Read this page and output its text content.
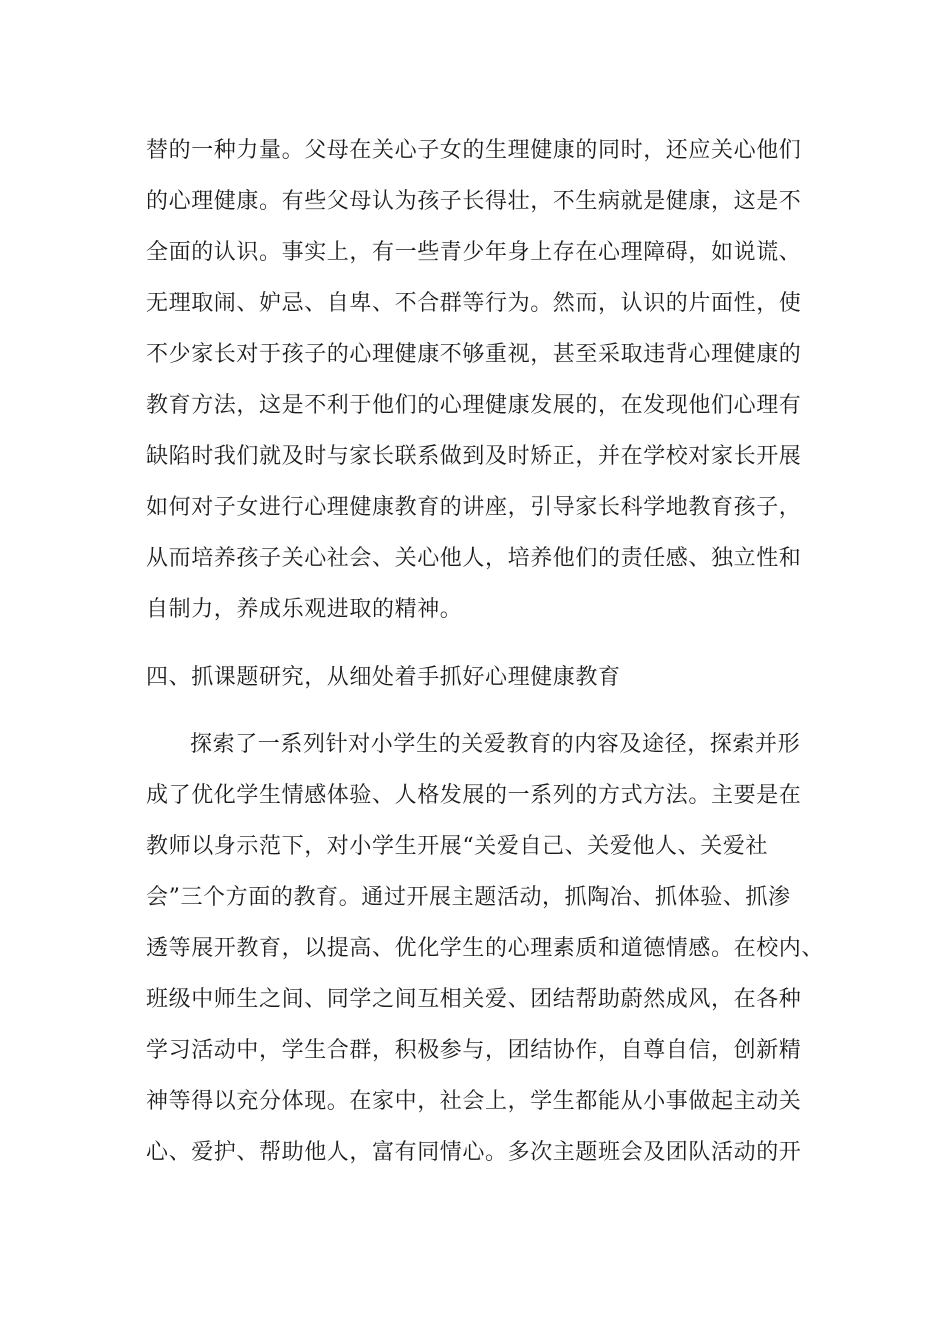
替的一种力量。父母在关心子女的生理健康的同时，还应关心他们
的心理健康。有些父母认为孩子长得壮，不生病就是健康，这是不
全面的认识。事实上，有一些青少年身上存在心理障碍，如说谎、
无理取闹、妒忌、自卑、不合群等行为。然而，认识的片面性，使
不少家长对于孩子的心理健康不够重视，甚至采取违背心理健康的
教育方法，这是不利于他们的心理健康发展的，在发现他们心理有
缺陷时我们就及时与家长联系做到及时矫正，并在学校对家长开展
如何对子女进行心理健康教育的讲座，引导家长科学地教育孩子，
从而培养孩子关心社会、关心他人，培养他们的责任感、独立性和
自制力，养成乐观进取的精神。
四、抓课题研究，从细处着手抓好心理健康教育
探索了一系列针对小学生的关爱教育的内容及途径，探索并形
成了优化学生情感体验、人格发展的一系列的方式方法。主要是在
教师以身示范下，对小学生开展“关爱自己、关爱他人、关爱社
会”三个方面的教育。通过开展主题活动，抓陶冶、抓体验、抓渗
透等展开教育，以提高、优化学生的心理素质和道德情感。在校内、
班级中师生之间、同学之间互相关爱、团结帮助蔚然成风，在各种
学习活动中，学生合群，积极参与，团结协作，自尊自信，创新精
神等得以充分体现。在家中，社会上，学生都能从小事做起主动关
心、爱护、帮助他人，富有同情心。多次主题班会及团队活动的开
